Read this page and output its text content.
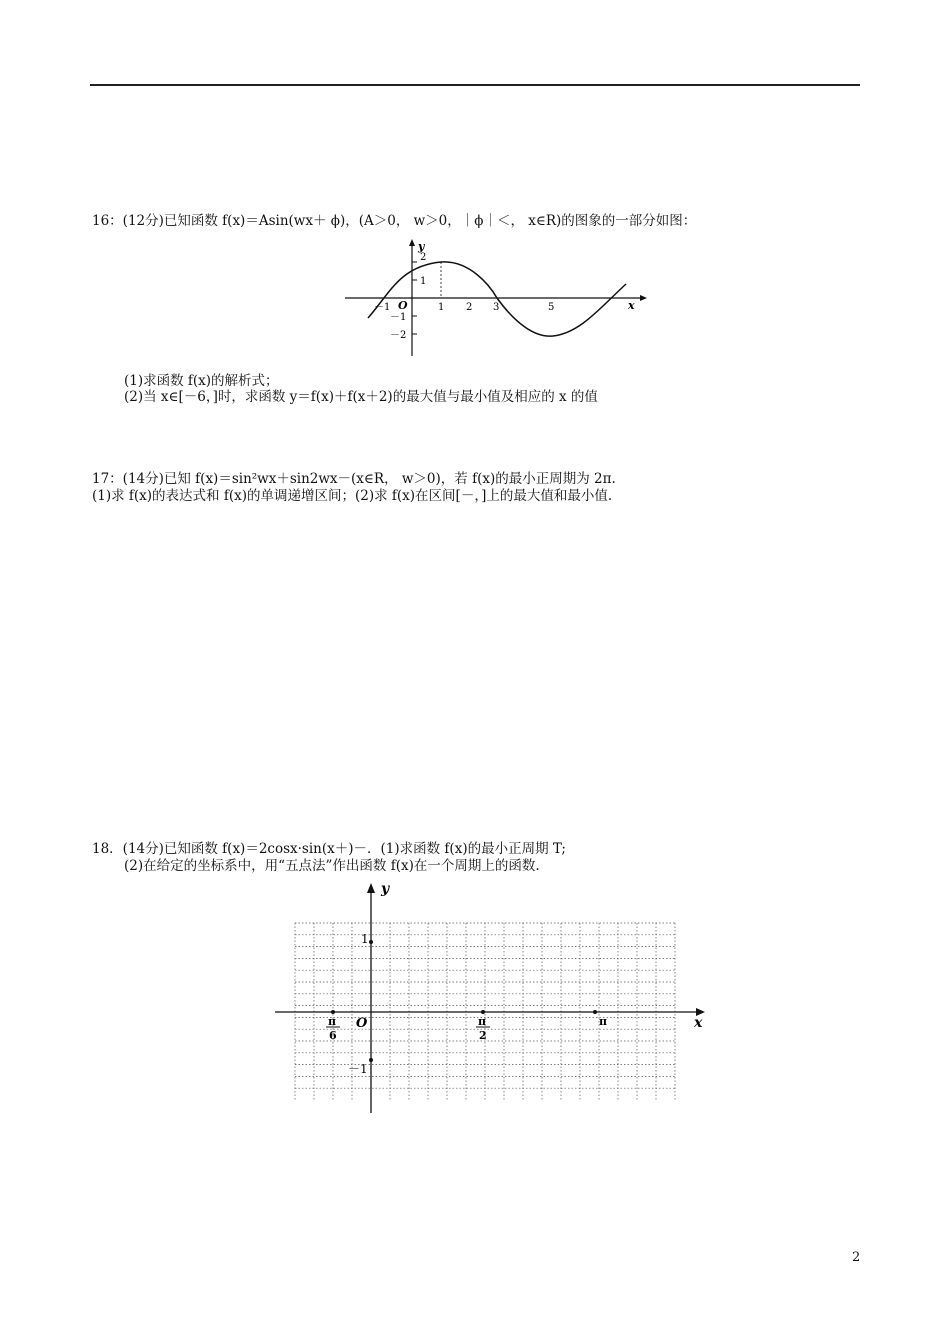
16：(12分)已知函数 f(x)＝Asin(wx＋ ϕ)，(A＞0， w＞0，｜ϕ｜＜， x∈R)的图象的一部分如图：
x
y
O
－1	1 2 3	5
2
1
－1
－2
(1)求函数 f(x)的解析式；
(2)当 x∈[－6，]时，求函数 y＝f(x)＋f(x＋2)的最大值与最小值及相应的 x 的值
17：(14分)已知 f(x)＝sin²wx＋sin2wx－(x∈R， w＞0)，若 f(x)的最小正周期为 2π.
(1)求 f(x)的表达式和 f(x)的单调递增区间；(2)求 f(x)在区间[－，]上的最大值和最小值.
18．(14分)已知函数 f(x)＝2cosx·sin(x＋)－．(1)求函数 f(x)的最小正周期 T;
(2)在给定的坐标系中，用“五点法”作出函数 f(x)在一个周期上的函数.
y
x
O
1
－1
π
6
π
2
π
2
